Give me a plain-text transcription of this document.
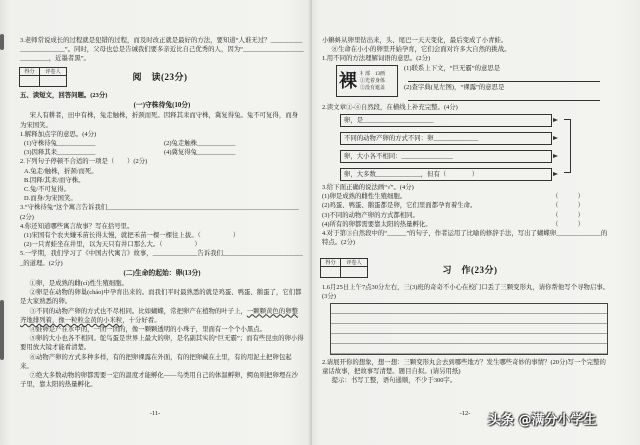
3.老师常说成长的过程就是犯错的过程，而及时改正就是最好的方法，要知道“人谁无过？________________________”。同时，父母也总是告诫我们要多亲近比自己优秀的人，因为“____________________________，近墨者黑”。
得分	评卷人	阅　读(23分)
五、读短文，回答问题。(23分)
(一)守株待兔(10分)
宋人有耕者，田中有株，兔走触株，折颈而死。因释其耒而守株，冀复得兔。兔不可复得，而身为宋国笑。
1.解释加点字的意思。(4分)
(1)守株待兔____________	(2)兔走触株____________
(3)因释其耒____________	(4)冀复得兔____________
2.下列句子停顿不合适的一项是（　　）(2分)
A.兔走/触株，折颈/而死。
B.因释/其耒/而守株。
C.兔/不可复得。
D.而身/为宋国笑。
3.“守株待兔”这个寓言告诉我们____________________________________________________________(2分)
4.你还知道哪些寓言故事？写在括号里。
(1)宋国有个农夫嫌禾苗长得太慢，就把禾苗一棵一棵往上拔。（　　　　　）
(2)一只青蛙坐在井里，以为天只有井口那么大。（　　　　　）
5.一学期，我们学习了《中国古代寓言》故事，______________告诉我们__________________________的道理。(2分)
(二)生命的起始：卵(13分)
①卵，是成熟的雌(cí)性生殖细胞。
②卵是在动物的卵巢(cháo)中孕育出来的。而我们平时最熟悉的就是鸡蛋、鸭蛋、鹅蛋了，它们都是大家熟悉的卵。
③不同的动物产卵的方式也不尽相同。比如蝴蝶，常把卵产在植物的叶子上，一颗颗黄色的卵整齐地排列着，像一粒粒金黄的小米粒，十分好看。
④蛙卵是产在水中的，一团一团的，像一颗颗透明的小珠子，里面有一个个小黑点。
⑤卵的大小也各不相同。鸵鸟蛋是世界上最大的卵，是名副其实的“巨无霸”；而有些昆虫的卵小得要用放大镜才能看清楚。
⑥动物产卵的方式多种多样，有的把卵裸露在外面，有的把卵藏在土里，有的用泥土把卵包起来。
⑦绝大多数动物的卵都需要一定的温度才能孵化——鸟类用自己的体温孵卵，鳄鱼则把卵埋在沙子里，靠太阳的热量孵化。
-11-
小蝌蚪从卵里钻出来，头、尾巴一天天变化，最后变成了小青蛙。
⑧生命在小小的卵里开始孕育，它们会面对许多大自然的挑战。
1.用不同的方法理解词语的意思。(2分)
裸 衤部　13画
①光着身体
②没有遮盖
(1)联系上下文，“巨无霸”的意思是
(2)查字典(见左图)，“裸露”的意思是
2.读文章①-④自然段，在横线上补充完整。(4分)
卵，是______________________
不同的动物产卵的方式不同：卵______________
卵，大小各不相同：________________
卵，大多数______________，但有（　　　　）
3.给下面正确的说法画“√”。(4分)
(1)卵是成熟的雌性生殖细胞。	（　　　）
(2)鸡蛋、鸭蛋、鹅蛋都是卵，它们里面都孕育着生命。	（　　　）
(3)不同的动物产卵的方式都相同。	（　　　）
(4)所有的卵都需要靠太阳的热量孵化。	（　　　）
4.对于第③自然段中的“______”的句子，作者运用了比喻的修辞手法，写出了蝴蝶卵______________的特点。(2分)
得分	评卷人
习　作(23分)
1.6月25日上午7点30分左右，三(3)班的奇奇不小心在校门口丢了三颗变形丸，请你帮他写个寻物启事。(3分)
2.请展开你的想象，想一想：三颗变形丸会去到哪些地方？发生哪些奇妙的事情？(20分)写一个完整的童话故事，把故事写清楚。题目自拟。(请另用纸)
提示：书写工整，语句通顺，不少于300字。
-12-	头条 @满分小学生
